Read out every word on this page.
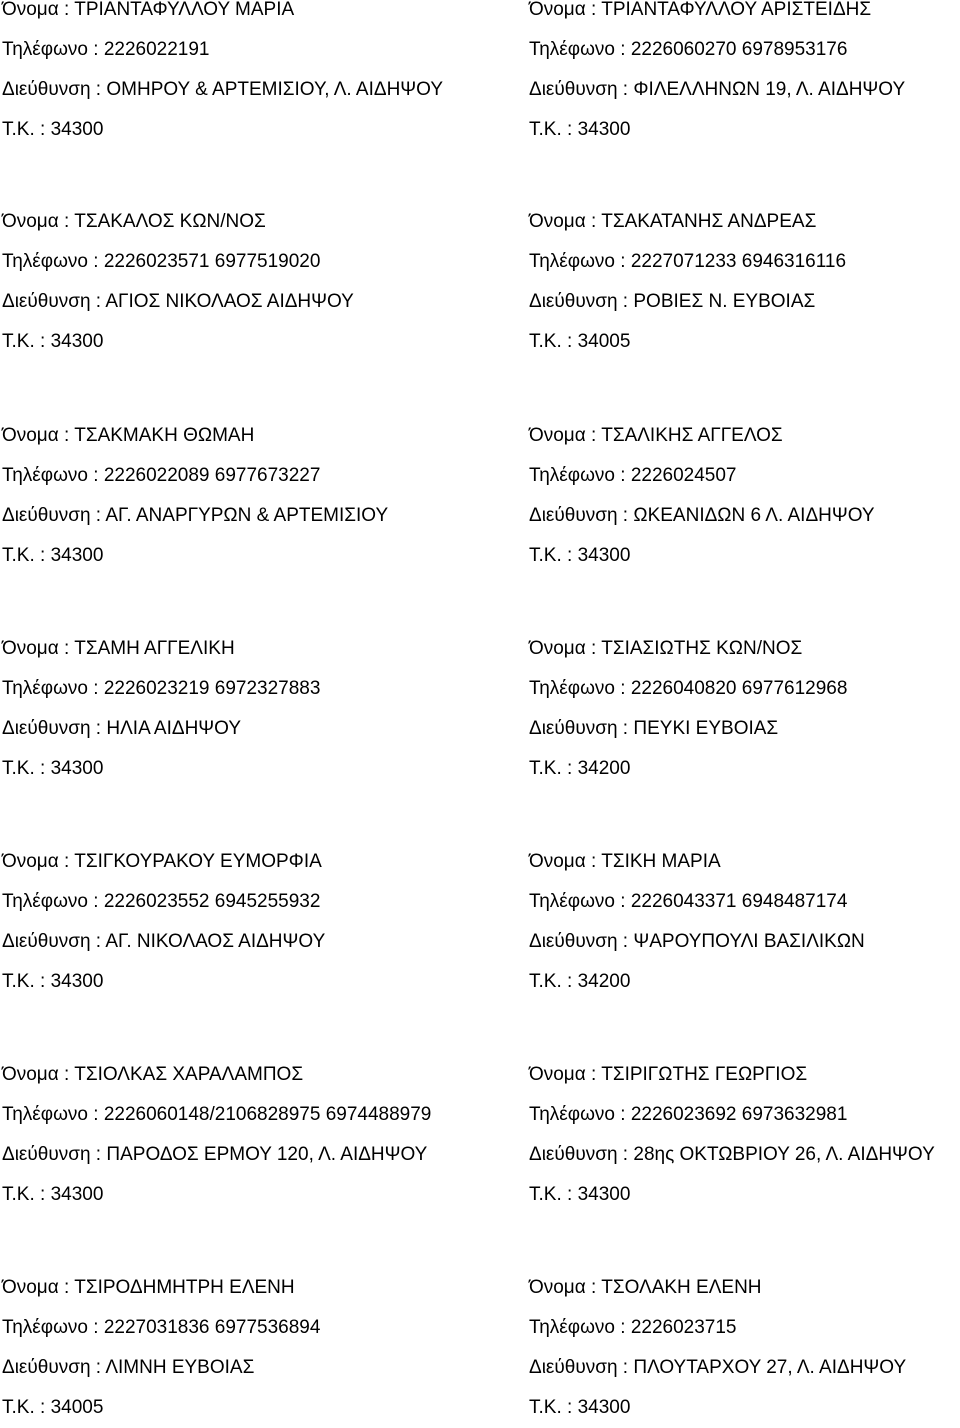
Όνομα : ΤΡΙΑΝΤΑΦΥΛΛΟΥ ΜΑΡΙΑ
Τηλέφωνο : 2226022191
Διεύθυνση : ΟΜΗΡΟΥ & ΑΡΤΕΜΙΣΙΟΥ, Λ. ΑΙΔΗΨΟΥ
Τ.Κ. : 34300
Όνομα : ΤΡΙΑΝΤΑΦΥΛΛΟΥ ΑΡΙΣΤΕΙΔΗΣ
Τηλέφωνο : 2226060270 6978953176
Διεύθυνση : ΦΙΛΕΛΛΗΝΩΝ 19, Λ. ΑΙΔΗΨΟΥ
Τ.Κ. : 34300
Όνομα : ΤΣΑΚΑΛΟΣ ΚΩΝ/ΝΟΣ
Τηλέφωνο : 2226023571 6977519020
Διεύθυνση : ΑΓΙΟΣ ΝΙΚΟΛΑΟΣ ΑΙΔΗΨΟΥ
Τ.Κ. : 34300
Όνομα : ΤΣΑΚΑΤΑΝΗΣ ΑΝΔΡΕΑΣ
Τηλέφωνο : 2227071233 6946316116
Διεύθυνση : ΡΟΒΙΕΣ Ν. ΕΥΒΟΙΑΣ
Τ.Κ. : 34005
Όνομα : ΤΣΑΚΜΑΚΗ ΘΩΜΑΗ
Τηλέφωνο : 2226022089 6977673227
Διεύθυνση : ΑΓ. ΑΝΑΡΓΥΡΩΝ & ΑΡΤΕΜΙΣΙΟΥ
Τ.Κ. : 34300
Όνομα : ΤΣΑΛΙΚΗΣ ΑΓΓΕΛΟΣ
Τηλέφωνο : 2226024507
Διεύθυνση : ΩΚΕΑΝΙΔΩΝ 6 Λ. ΑΙΔΗΨΟΥ
Τ.Κ. : 34300
Όνομα : ΤΣΑΜΗ ΑΓΓΕΛΙΚΗ
Τηλέφωνο : 2226023219 6972327883
Διεύθυνση : ΗΛΙΑ ΑΙΔΗΨΟΥ
Τ.Κ. : 34300
Όνομα : ΤΣΙΑΣΙΩΤΗΣ ΚΩΝ/ΝΟΣ
Τηλέφωνο : 2226040820 6977612968
Διεύθυνση : ΠΕΥΚΙ ΕΥΒΟΙΑΣ
Τ.Κ. : 34200
Όνομα : ΤΣΙΓΚΟΥΡΑΚΟΥ ΕΥΜΟΡΦΙΑ
Τηλέφωνο : 2226023552 6945255932
Διεύθυνση : ΑΓ. ΝΙΚΟΛΑΟΣ ΑΙΔΗΨΟΥ
Τ.Κ. : 34300
Όνομα : ΤΣΙΚΗ ΜΑΡΙΑ
Τηλέφωνο : 2226043371 6948487174
Διεύθυνση : ΨΑΡΟΥΠΟΥΛΙ ΒΑΣΙΛΙΚΩΝ
Τ.Κ. : 34200
Όνομα : ΤΣΙΟΛΚΑΣ ΧΑΡΑΛΑΜΠΟΣ
Τηλέφωνο : 2226060148/2106828975 6974488979
Διεύθυνση : ΠΑΡΟΔΟΣ ΕΡΜΟΥ 120, Λ. ΑΙΔΗΨΟΥ
Τ.Κ. : 34300
Όνομα : ΤΣΙΡΙΓΩΤΗΣ ΓΕΩΡΓΙΟΣ
Τηλέφωνο : 2226023692 6973632981
Διεύθυνση : 28ης ΟΚΤΩΒΡΙΟΥ 26, Λ. ΑΙΔΗΨΟΥ
Τ.Κ. : 34300
Όνομα : ΤΣΙΡΟΔΗΜΗΤΡΗ ΕΛΕΝΗ
Τηλέφωνο : 2227031836 6977536894
Διεύθυνση : ΛΙΜΝΗ ΕΥΒΟΙΑΣ
Τ.Κ. : 34005
Όνομα : ΤΣΟΛΑΚΗ ΕΛΕΝΗ
Τηλέφωνο : 2226023715
Διεύθυνση : ΠΛΟΥΤΑΡΧΟΥ 27, Λ. ΑΙΔΗΨΟΥ
Τ.Κ. : 34300
